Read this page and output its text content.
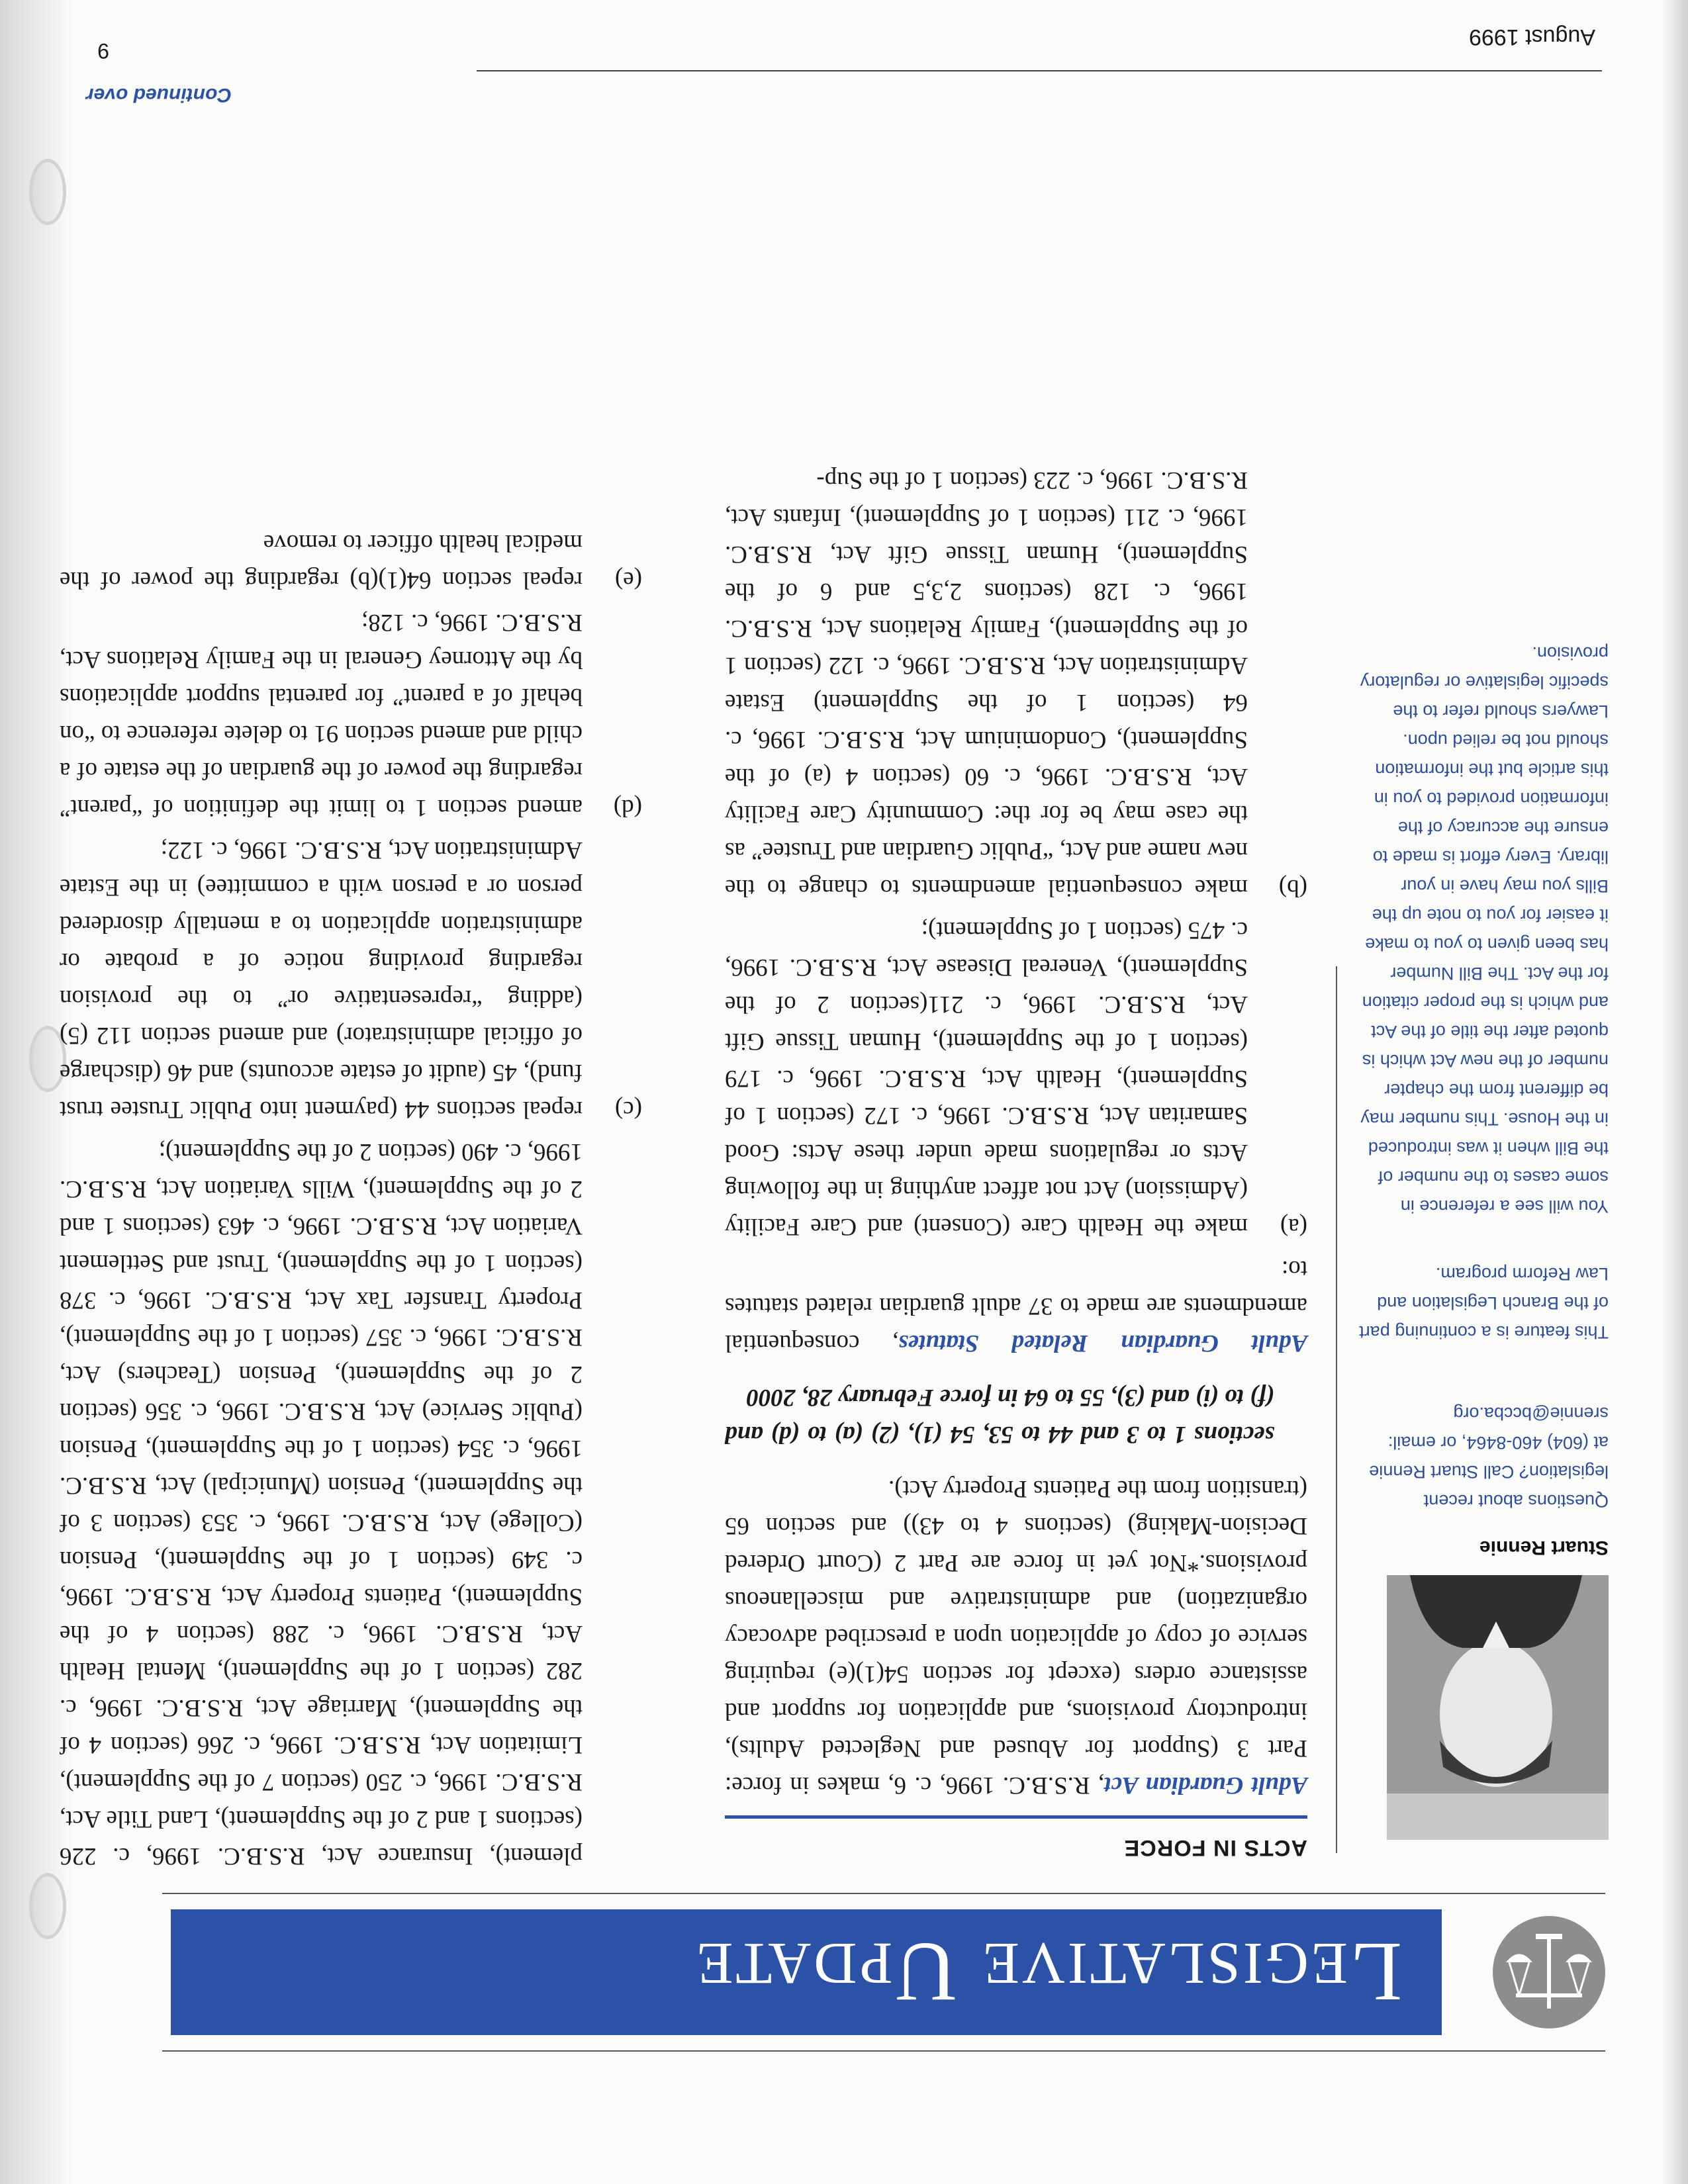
Legislative Update
Stuart Rennie
Questions about recent legislation? Call Stuart Rennie at (604) 460-8464, or email: srennie@bccba.org
This feature is a continuing part of the Branch Legislation and Law Reform program.
You will see a reference in some cases to the number of the Bill when it was introduced in the House. This number may be different from the chapter number of the new Act which is quoted after the title of the Act and which is the proper citation for the Act. The Bill Number has been given to you to make it easier for you to note up the Bills you may have in your library. Every effort is made to ensure the accuracy of the information provided to you in this article but the information should not be relied upon. Lawyers should refer to the specific legislative or regulatory provision.
ACTS IN FORCE

Adult Guardian Act, R.S.B.C. 1996, c. 6, makes in force: Part 3 (Support for Abused and Neglected Adults), introductory provisions, and application for support and assistance orders (except for section 54(1)(e) requiring service of copy of application upon a prescribed advocacy organization) and administrative and miscellaneous provisions.*Not yet in force are Part 2 (Court Ordered Decision-Making) (sections 4 to 43)) and section 65 (transition from the Patients Property Act).

sections 1 to 3 and 44 to 53, 54 (1), (2) (a) to (d) and (f) to (i) and (3), 55 to 64 in force February 28, 2000

Adult Guardian Related Statutes, consequential amendments are made to 37 adult guardian related statutes to:

(a)
make the Health Care (Consent) and Care Facility (Admission) Act not affect anything in the following Acts or regulations made under these Acts: Good Samaritan Act, R.S.B.C. 1996, c. 172 (section 1 of Supplement), Health Act, R.S.B.C. 1996, c. 179 (section 1 of the Supplement), Human Tissue Gift Act, R.S.B.C. 1996, c. 211(section 2 of the Supplement), Venereal Disease Act, R.S.B.C. 1996, c. 475 (section 1 of Supplement);
(b)
make consequential amendments to change to the new name and Act, “Public Guardian and Trustee” as the case may be for the: Community Care Facility Act, R.S.B.C. 1996, c. 60 (section 4 (a) of the Supplement), Condominium Act, R.S.B.C. 1996, c. 64 (section 1 of the Supplement) Estate Administration Act, R.S.B.C. 1996, c. 122 (section 1 of the Supplement), Family Relations Act, R.S.B.C. 1996, c. 128 (sections 2,3,5 and 6 of the Supplement), Human Tissue Gift Act, R.S.B.C. 1996, c. 211 (section 1 of Supplement), Infants Act, R.S.B.C. 1996, c. 223 (section 1 of the Sup-
plement), Insurance Act, R.S.B.C. 1996, c. 226 (sections 1 and 2 of the Supplement), Land Title Act, R.S.B.C. 1996, c. 250 (section 7 of the Supplement), Limitation Act, R.S.B.C. 1996, c. 266 (section 4 of the Supplement), Marriage Act, R.S.B.C. 1996, c. 282 (section 1 of the Supplement), Mental Health Act, R.S.B.C. 1996, c. 288 (section 4 of the Supplement), Patients Property Act, R.S.B.C. 1996, c. 349 (section 1 of the Supplement), Pension (College) Act, R.S.B.C. 1996, c. 353 (section 3 of the Supplement), Pension (Municipal) Act, R.S.B.C. 1996, c. 354 (section 1 of the Supplement), Pension (Public Service) Act, R.S.B.C. 1996, c. 356 (section 2 of the Supplement), Pension (Teachers) Act, R.S.B.C. 1996, c. 357 (section 1 of the Supplement), Property Transfer Tax Act, R.S.B.C. 1996, c. 378 (section 1 of the Supplement), Trust and Settlement Variation Act, R.S.B.C. 1996, c. 463 (sections 1 and 2 of the Supplement), Wills Variation Act, R.S.B.C. 1996, c. 490 (section 2 of the Supplement);
(c)
repeal sections 44 (payment into Public Trustee trust fund), 45 (audit of estate accounts) and 46 (discharge of official administrator) and amend section 112 (5) (adding “representative or” to the provision regarding providing notice of a probate or administration application to a mentally disordered person or a person with a committee) in the Estate Administration Act, R.S.B.C. 1996, c. 122;
(d)
amend section 1 to limit the definition of “parent” regarding the power of the guardian of the estate of a child and amend section 91 to delete reference to “on behalf of a parent” for parental support applications by the Attorney General in the Family Relations Act, R.S.B.C. 1996, c. 128;
(e)
repeal section 64(1)(b) regarding the power of the medical health officer to remove
Continued over
9
August 1999
